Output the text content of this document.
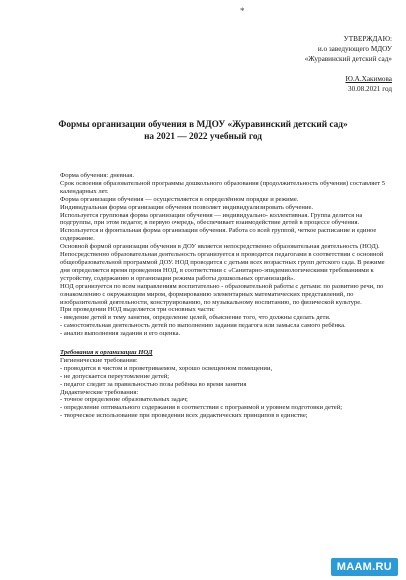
*
УТВЕРЖДАЮ:
и.о заведующего МДОУ
«Журавинский детский сад»
Ю.А.Хакимова
30.08.2021 год
Формы организации обучения в МДОУ «Журавинский детский сад»
на 2021 — 2022 учебный год

Форма обучения: дневная.

Срок освоения образовательной программы дошкольного образования (продолжительность обучения) составляет 5 календарных лет.

Форма организации обучения — осуществляется в определённом порядке и режиме.

Индивидуальная форма организации обучения позволяет индивидуализировать обучение.

Используется групповая форма организации обучения — индивидуально- коллективная. Группа делится на подгруппы, при этом педагог, в первую очередь, обеспечивает взаимодействие детей в процессе обучения.

Используется и фронтальная форма организации обучения. Работа со всей группой, четкое расписание и единое содержание.

Основной формой организации обучения в ДОУ является непосредственно образовательная деятельность (НОД). Непосредственно образовательная деятельность организуется и проводится педагогами в соответствии с основной общеобразовательной программой ДОУ. НОД проводится с детьми всех возрастных групп детского сада. В режиме дня определяется время проведения НОД, в соответствии с «Санитарно-эпидемиологическими требованиями к устройству, содержанию и организации режима работы дошкольных организаций».

НОД организуется по всем направлениям воспитательно - образовательной работы с детьми: по развитию речи, по ознакомлению с окружающим миром, формированию элементарных математических представлений, по изобразительной деятельности, конструированию, по музыкальному воспитанию, по физической культуре.

При проведении НОД выделяется три основных части:

- введение детей в тему занятия, определение целей, объяснение того, что должны сделать дети.

- самостоятельная деятельность детей по выполнению задания педагога или замысла самого ребёнка.

- анализ выполнения задания и его оценка.

Требования к организации НОД

Гигиенические требования:

- проводится в чистом и проветриваемом, хорошо освещенном помещении,

- не допускается переутомление детей;

- педагог следит за правильностью позы ребёнка во время занятия

Дидактические требования:

- точное определение образовательных задач;

- определение оптимального содержания в соответствии с программой и уровнем подготовки детей;

- творческое использование при проведении всех дидактических принципов в единстве;

MAAM.RU
